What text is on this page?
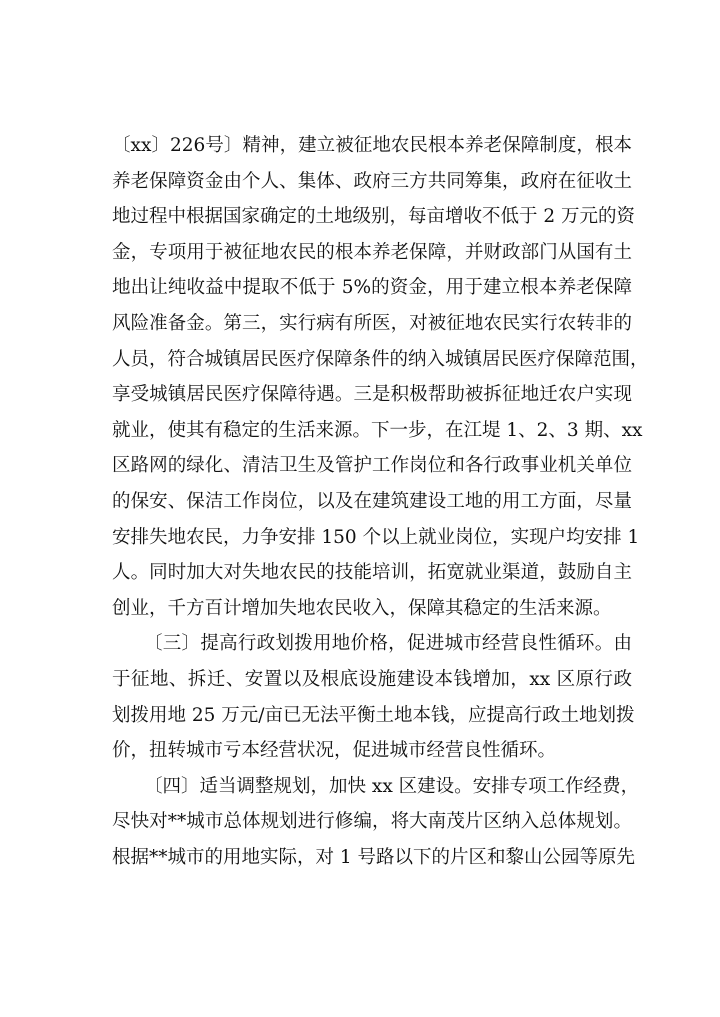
〔xx〕226号〕精神，建立被征地农民根本养老保障制度，根本
养老保障资金由个人、集体、政府三方共同筹集，政府在征收土
地过程中根据国家确定的土地级别，每亩增收不低于 2 万元的资
金，专项用于被征地农民的根本养老保障，并财政部门从国有土
地出让纯收益中提取不低于 5%的资金，用于建立根本养老保障
风险准备金。第三，实行病有所医，对被征地农民实行农转非的
人员，符合城镇居民医疗保障条件的纳入城镇居民医疗保障范围，
享受城镇居民医疗保障待遇。三是积极帮助被拆征地迁农户实现
就业，使其有稳定的生活来源。下一步，在江堤 1、2、3 期、xx
区路网的绿化、清洁卫生及管护工作岗位和各行政事业机关单位
的保安、保洁工作岗位，以及在建筑建设工地的用工方面，尽量
安排失地农民，力争安排 150 个以上就业岗位，实现户均安排 1
人。同时加大对失地农民的技能培训，拓宽就业渠道，鼓励自主
创业，千方百计增加失地农民收入，保障其稳定的生活来源。
〔三〕提高行政划拨用地价格，促进城市经营良性循环。由
于征地、拆迁、安置以及根底设施建设本钱增加，xx 区原行政
划拨用地 25 万元/亩已无法平衡土地本钱，应提高行政土地划拨
价，扭转城市亏本经营状况，促进城市经营良性循环。
〔四〕适当调整规划，加快 xx 区建设。安排专项工作经费，
尽快对**城市总体规划进行修编，将大南茂片区纳入总体规划。
根据**城市的用地实际，对 1 号路以下的片区和黎山公园等原先
